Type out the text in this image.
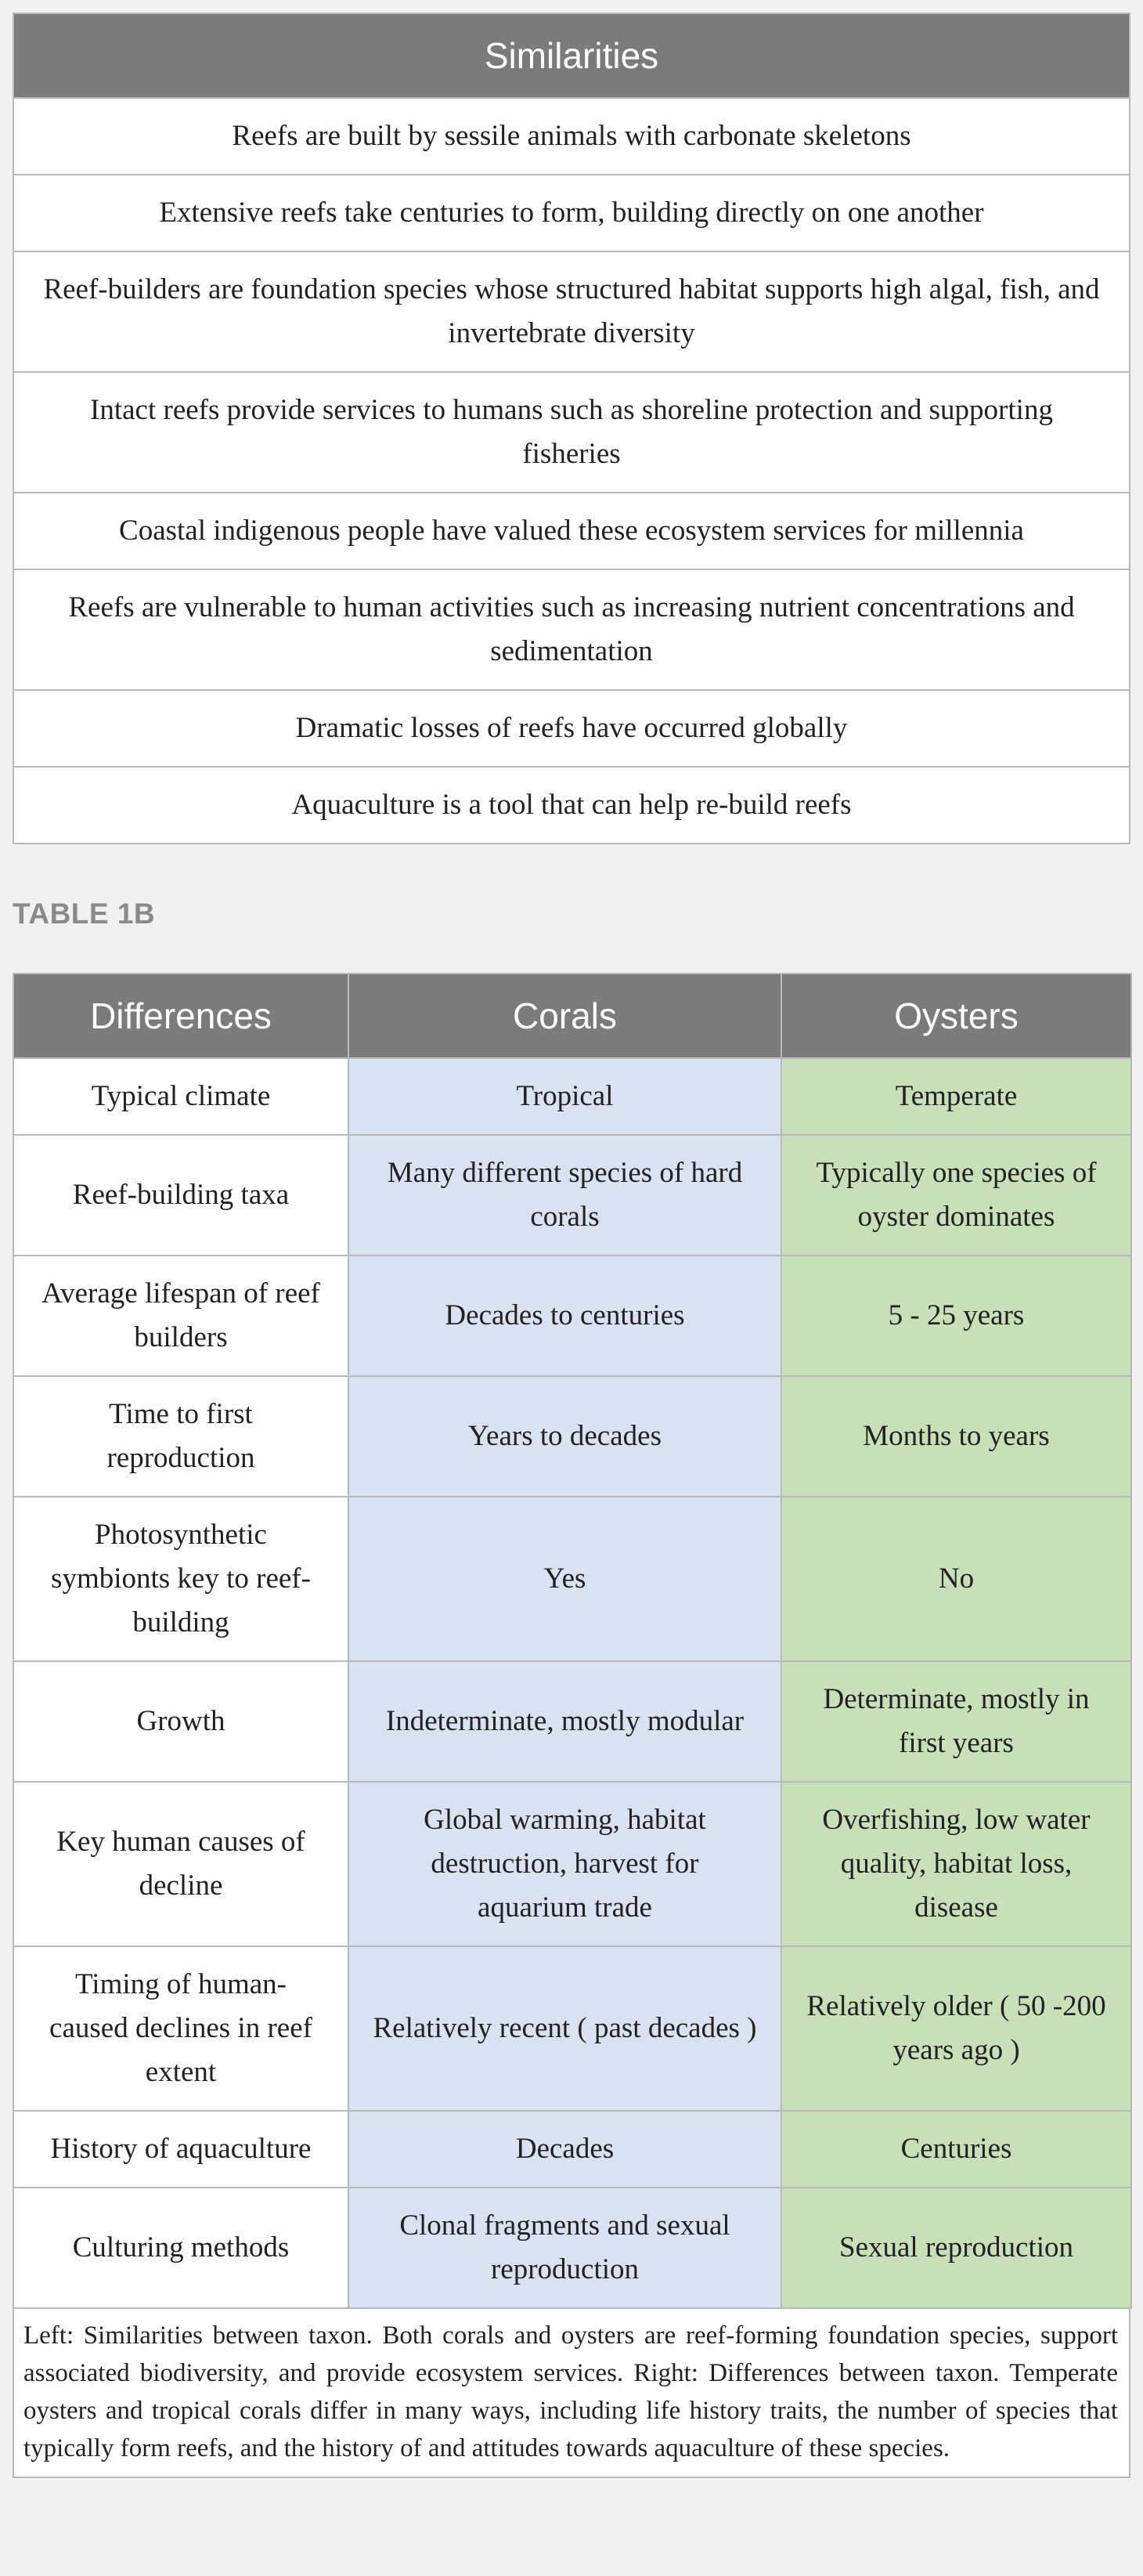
Similarities
Reefs are built by sessile animals with carbonate skeletons
Extensive reefs take centuries to form, building directly on one another
Reef-builders are foundation species whose structured habitat supports high algal, fish, and invertebrate diversity
Intact reefs provide services to humans such as shoreline protection and supporting fisheries
Coastal indigenous people have valued these ecosystem services for millennia
Reefs are vulnerable to human activities such as increasing nutrient concentrations and sedimentation
Dramatic losses of reefs have occurred globally
Aquaculture is a tool that can help re-build reefs
TABLE 1B
Differences	Corals	Oysters
Typical climate	Tropical	Temperate
Reef-building taxa	Many different species of hard corals	Typically one species of oyster dominates
Average lifespan of reef builders	Decades to centuries	5 - 25 years
Time to first reproduction	Years to decades	Months to years
Photosynthetic symbionts key to reef-building	Yes	No
Growth	Indeterminate, mostly modular	Determinate, mostly in first years
Key human causes of decline	Global warming, habitat destruction, harvest for aquarium trade	Overfishing, low water quality, habitat loss, disease
Timing of human-caused declines in reef extent	Relatively recent ( past decades )	Relatively older ( 50 -200 years ago )
History of aquaculture	Decades	Centuries
Culturing methods	Clonal fragments and sexual reproduction	Sexual reproduction
Left: Similarities between taxon. Both corals and oysters are reef-forming foundation species, support associated biodiversity, and provide ecosystem services. Right: Differences between taxon. Temperate oysters and tropical corals differ in many ways, including life history traits, the number of species that typically form reefs, and the history of and attitudes towards aquaculture of these species.
